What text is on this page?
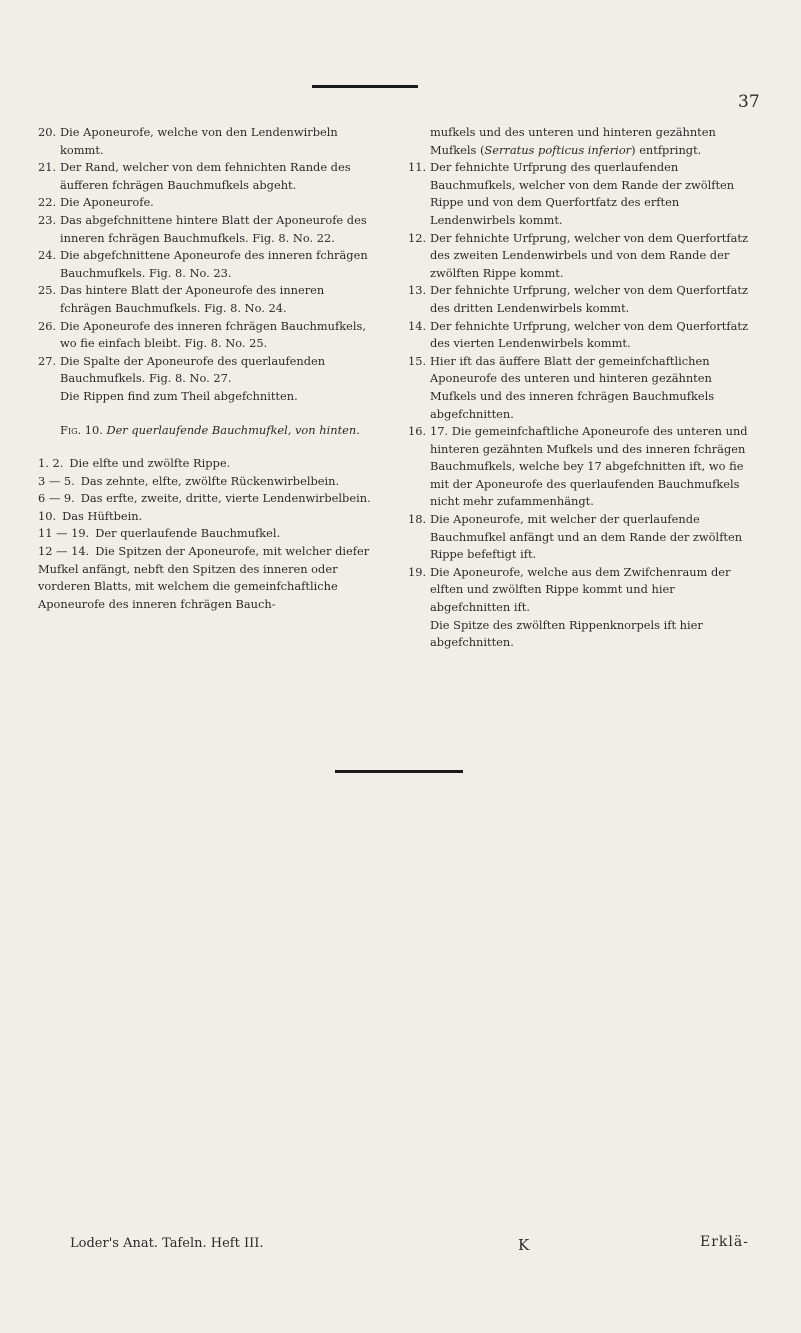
37

20. Die Aponeurofe, welche von den Lendenwirbeln kommt.

21. Der Rand, welcher von dem fehnichten Rande des äufferen fchrägen Bauchmufkels abgeht.

22. Die Aponeurofe.

23. Das abgefchnittene hintere Blatt der Aponeurofe des inneren fchrägen Bauchmufkels. Fig. 8. No. 22.

24. Die abgefchnittene Aponeurofe des inneren fchrägen Bauchmufkels. Fig. 8. No. 23.

25. Das hintere Blatt der Aponeurofe des inneren fchrägen Bauchmufkels. Fig. 8. No. 24.

26. Die Aponeurofe des inneren fchrägen Bauchmufkels, wo fie einfach bleibt. Fig. 8. No. 25.

27. Die Spalte der Aponeurofe des querlaufenden Bauchmufkels. Fig. 8. No. 27.

Die Rippen find zum Theil abgefchnitten.

Fig. 10. Der querlaufende Bauchmufkel, von hinten.

1. 2. Die elfte und zwölfte Rippe.

3 — 5. Das zehnte, elfte, zwölfte Rückenwirbelbein.

6 — 9. Das erfte, zweite, dritte, vierte Lendenwirbelbein.

10. Das Hüftbein.

11 — 19. Der querlaufende Bauchmufkel.

12 — 14. Die Spitzen der Aponeurofe, mit welcher diefer Mufkel anfängt, nebft den Spitzen des inneren oder vorderen Blatts, mit welchem die gemeinfchaftliche Aponeurofe des inneren fchrägen Bauch-

mufkels und des unteren und hinteren gezähnten Mufkels (Serratus pofticus inferior) entfpringt.

11. Der fehnichte Urfprung des querlaufenden Bauchmufkels, welcher von dem Rande der zwölften Rippe und von dem Querfortfatz des erften Lendenwirbels kommt.

12. Der fehnichte Urfprung, welcher von dem Querfortfatz des zweiten Lendenwirbels und von dem Rande der zwölften Rippe kommt.

13. Der fehnichte Urfprung, welcher von dem Querfortfatz des dritten Lendenwirbels kommt.

14. Der fehnichte Urfprung, welcher von dem Querfortfatz des vierten Lendenwirbels kommt.

15. Hier ift das äuffere Blatt der gemeinfchaftlichen Aponeurofe des unteren und hinteren gezähnten Mufkels und des inneren fchrägen Bauchmufkels abgefchnitten.

16. 17. Die gemeinfchaftliche Aponeurofe des unteren und hinteren gezähnten Mufkels und des inneren fchrägen Bauchmufkels, welche bey 17 abgefchnitten ift, wo fie mit der Aponeurofe des querlaufenden Bauchmufkels nicht mehr zufammenhängt.

18. Die Aponeurofe, mit welcher der querlaufende Bauchmufkel anfängt und an dem Rande der zwölften Rippe befeftigt ift.

19. Die Aponeurofe, welche aus dem Zwifchenraum der elften und zwölften Rippe kommt und hier abgefchnitten ift.

Die Spitze des zwölften Rippenknorpels ift hier abgefchnitten.

Loder's Anat. Tafeln. Heft III.	K	Erklä-
